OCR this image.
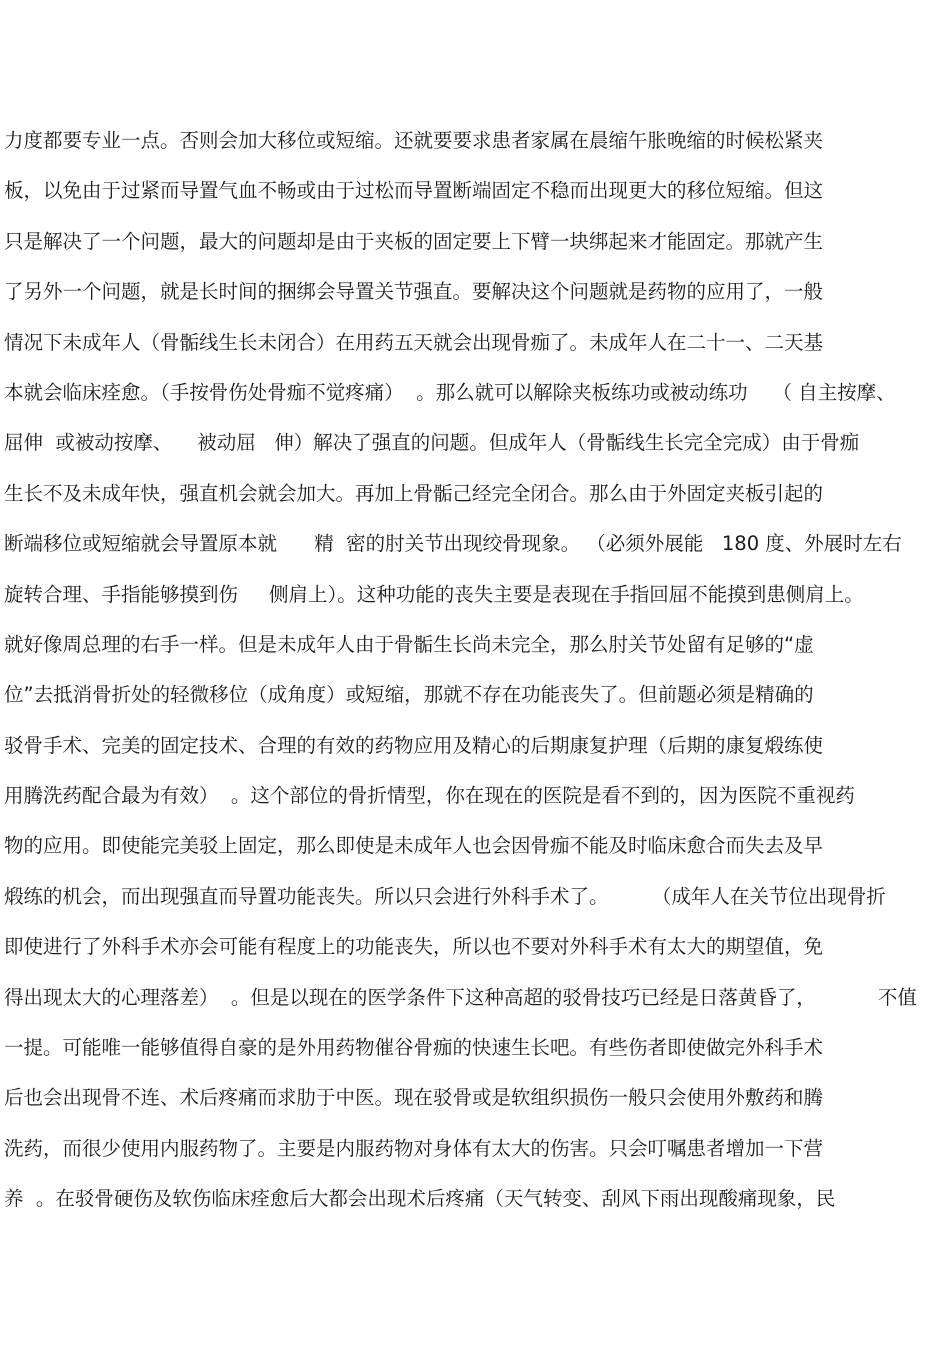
力度都要专业一点。否则会加大移位或短缩。还就要要求患者家属在晨缩午胀晚缩的时候松紧夹
板，以免由于过紧而导置气血不畅或由于过松而导置断端固定不稳而出现更大的移位短缩。但这
只是解决了一个问题，最大的问题却是由于夹板的固定要上下臂一块绑起来才能固定。那就产生
了另外一个问题，就是长时间的捆绑会导置关节强直。要解决这个问题就是药物的应用了，一般
情况下未成年人（骨骺线生长未闭合）在用药五天就会出现骨痂了。未成年人在二十一、二天基
本就会临床痊愈。（手按骨伤处骨痂不觉疼痛）  。那么就可以解除夹板练功或被动练功    （ 自主按摩、
屈伸  或被动按摩、    被动屈   伸）解决了强直的问题。但成年人（骨骺线生长完全完成）由于骨痂
生长不及未成年快，强直机会就会加大。再加上骨骺己经完全闭合。那么由于外固定夹板引起的
断端移位或短缩就会导置原本就      精  密的肘关节出现绞骨现象。 （必须外展能   180 度、外展时左右
旋转合理、手指能够摸到伤     侧肩上）。这种功能的丧失主要是表现在手指回屈不能摸到患侧肩上。
就好像周总理的右手一样。但是未成年人由于骨骺生长尚未完全，那么肘关节处留有足够的“虚
位”去抵消骨折处的轻微移位（成角度）或短缩，那就不存在功能丧失了。但前题必须是精确的
驳骨手术、完美的固定技术、合理的有效的药物应用及精心的后期康复护理（后期的康复煅练使
用腾洗药配合最为有效）  。这个部位的骨折情型，你在现在的医院是看不到的，因为医院不重视药
物的应用。即使能完美驳上固定，那么即使是未成年人也会因骨痂不能及时临床愈合而失去及早
煅练的机会，而出现强直而导置功能丧失。所以只会进行外科手术了。       （成年人在关节位出现骨折
即使进行了外科手术亦会可能有程度上的功能丧失，所以也不要对外科手术有太大的期望值，免
得出现太大的心理落差）  。但是以现在的医学条件下这种高超的驳骨技巧已经是日落黄昏了，          不值
一提。可能唯一能够值得自豪的是外用药物催谷骨痂的快速生长吧。有些伤者即使做完外科手术
后也会出现骨不连、术后疼痛而求肋于中医。现在驳骨或是软组织损伤一般只会使用外敷药和腾
洗药，而很少使用内服药物了。主要是内服药物对身体有太大的伤害。只会叮嘱患者增加一下营
养  。在驳骨硬伤及软伤临床痊愈后大都会出现术后疼痛（天气转变、刮风下雨出现酸痛现象，民
